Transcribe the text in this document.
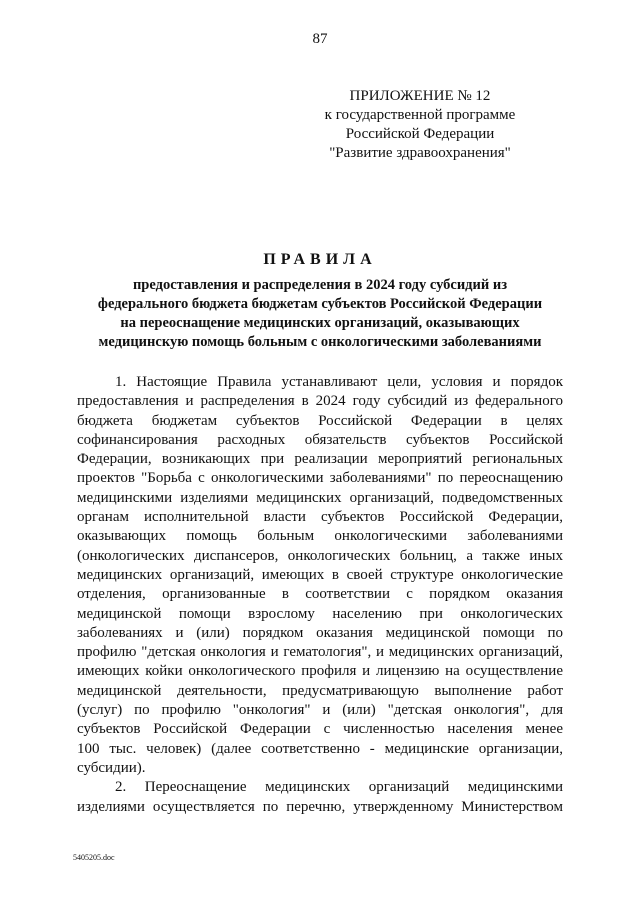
87
ПРИЛОЖЕНИЕ № 12
к государственной программе
Российской Федерации
"Развитие здравоохранения"
ПРАВИЛА
предоставления и распределения в 2024 году субсидий из
федерального бюджета бюджетам субъектов Российской Федерации
на переоснащение медицинских организаций, оказывающих
медицинскую помощь больным с онкологическими заболеваниями
1. Настоящие Правила устанавливают цели, условия и порядок
предоставления и распределения в 2024 году субсидий из федерального
бюджета бюджетам субъектов Российской Федерации в целях
софинансирования расходных обязательств субъектов Российской
Федерации, возникающих при реализации мероприятий региональных
проектов "Борьба с онкологическими заболеваниями" по переоснащению
медицинскими изделиями медицинских организаций, подведомственных
органам исполнительной власти субъектов Российской Федерации,
оказывающих помощь больным онкологическими заболеваниями
(онкологических диспансеров, онкологических больниц, а также иных
медицинских организаций, имеющих в своей структуре онкологические
отделения, организованные в соответствии с порядком оказания
медицинской помощи взрослому населению при онкологических
заболеваниях и (или) порядком оказания медицинской помощи по
профилю "детская онкология и гематология", и медицинских организаций,
имеющих койки онкологического профиля и лицензию на осуществление
медицинской деятельности, предусматривающую выполнение работ
(услуг) по профилю "онкология" и (или) "детская онкология", для
субъектов Российской Федерации с численностью населения менее
100 тыс. человек) (далее соответственно - медицинские организации,
субсидии).
2. Переоснащение медицинских организаций медицинскими
изделиями осуществляется по перечню, утвержденному Министерством
5405205.doc
